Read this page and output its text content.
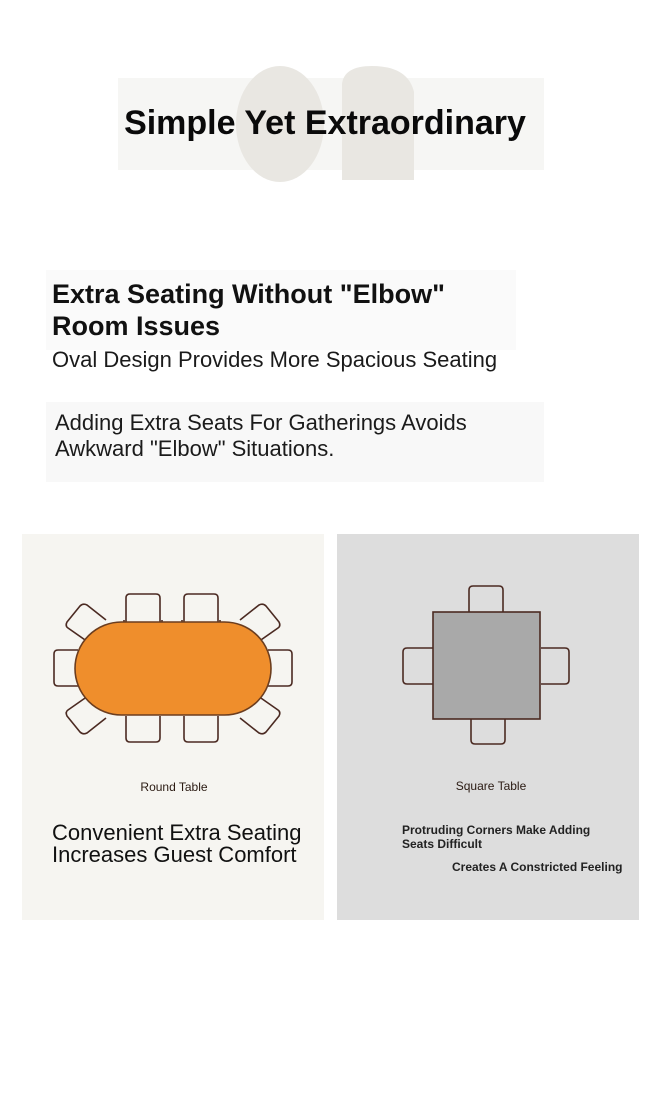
Simple Yet Extraordinary
Extra Seating Without "Elbow" Room Issues
Oval Design Provides More Spacious Seating
Adding Extra Seats For Gatherings Avoids Awkward "Elbow" Situations.
Round Table
Convenient Extra Seating Increases Guest Comfort
Square Table
Protruding Corners Make Adding Seats Difficult
Creates A Constricted Feeling
